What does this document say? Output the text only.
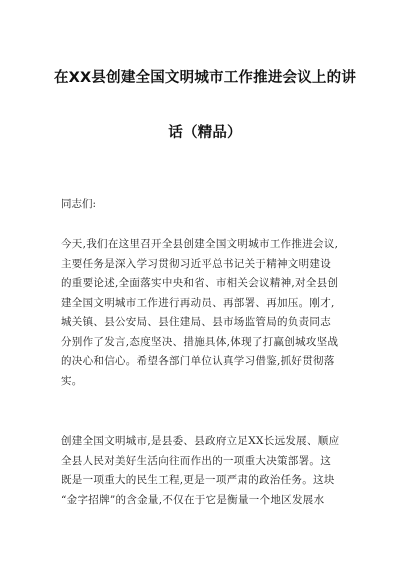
在XX县创建全国文明城市工作推进会议上的讲
话（精品）
同志们:
今天,我们在这里召开全县创建全国文明城市工作推进会议,
主要任务是深入学习贯彻习近平总书记关于精神文明建设
的重要论述,全面落实中央和省、市相关会议精神,对全县创
建全国文明城市工作进行再动员、再部署、再加压。刚才,
城关镇、县公安局、县住建局、县市场监管局的负责同志
分别作了发言,态度坚决、措施具体,体现了打赢创城攻坚战
的决心和信心。希望各部门单位认真学习借鉴,抓好贯彻落
实。
创建全国文明城市,是县委、县政府立足XX长远发展、顺应
全县人民对美好生活向往而作出的一项重大决策部署。这
既是一项重大的民生工程,更是一项严肃的政治任务。这块
“金字招牌”的含金量,不仅在于它是衡量一个地区发展水
